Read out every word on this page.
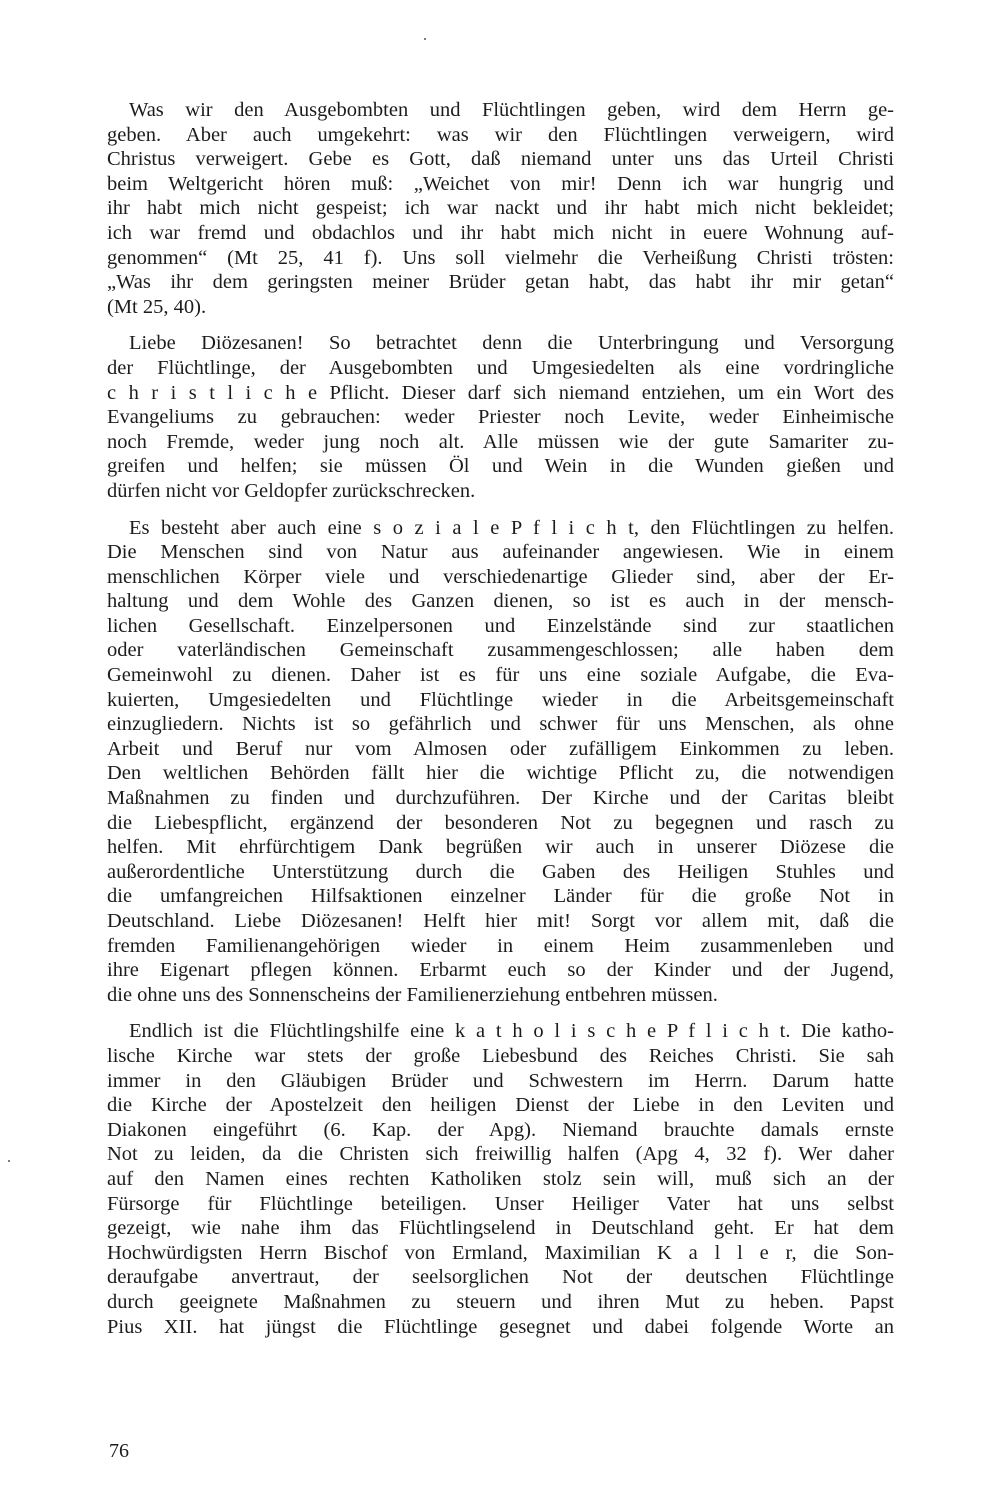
Was wir den Ausgebombten und Flüchtlingen geben, wird dem Herrn ge-
geben. Aber auch umgekehrt: was wir den Flüchtlingen verweigern, wird
Christus verweigert. Gebe es Gott, daß niemand unter uns das Urteil Christi
beim Weltgericht hören muß: „Weichet von mir! Denn ich war hungrig und
ihr habt mich nicht gespeist; ich war nackt und ihr habt mich nicht bekleidet;
ich war fremd und obdachlos und ihr habt mich nicht in euere Wohnung auf-
genommen“ (Mt 25, 41 f). Uns soll vielmehr die Verheißung Christi trösten:
„Was ihr dem geringsten meiner Brüder getan habt, das habt ihr mir getan“
(Mt 25, 40).

Liebe Diözesanen! So betrachtet denn die Unterbringung und Versorgung
der Flüchtlinge, der Ausgebombten und Umgesiedelten als eine vordringliche
c h r i s t l i c h e Pflicht. Dieser darf sich niemand entziehen, um ein Wort des
Evangeliums zu gebrauchen: weder Priester noch Levite, weder Einheimische
noch Fremde, weder jung noch alt. Alle müssen wie der gute Samariter zu-
greifen und helfen; sie müssen Öl und Wein in die Wunden gießen und
dürfen nicht vor Geldopfer zurückschrecken.

Es besteht aber auch eine s o z i a l e P f l i c h t, den Flüchtlingen zu helfen.
Die Menschen sind von Natur aus aufeinander angewiesen. Wie in einem
menschlichen Körper viele und verschiedenartige Glieder sind, aber der Er-
haltung und dem Wohle des Ganzen dienen, so ist es auch in der mensch-
lichen Gesellschaft. Einzelpersonen und Einzelstände sind zur staatlichen
oder vaterländischen Gemeinschaft zusammengeschlossen; alle haben dem
Gemeinwohl zu dienen. Daher ist es für uns eine soziale Aufgabe, die Eva-
kuierten, Umgesiedelten und Flüchtlinge wieder in die Arbeitsgemeinschaft
einzugliedern. Nichts ist so gefährlich und schwer für uns Menschen, als ohne
Arbeit und Beruf nur vom Almosen oder zufälligem Einkommen zu leben.
Den weltlichen Behörden fällt hier die wichtige Pflicht zu, die notwendigen
Maßnahmen zu finden und durchzuführen. Der Kirche und der Caritas bleibt
die Liebespflicht, ergänzend der besonderen Not zu begegnen und rasch zu
helfen. Mit ehrfürchtigem Dank begrüßen wir auch in unserer Diözese die
außerordentliche Unterstützung durch die Gaben des Heiligen Stuhles und
die umfangreichen Hilfsaktionen einzelner Länder für die große Not in
Deutschland. Liebe Diözesanen! Helft hier mit! Sorgt vor allem mit, daß die
fremden Familienangehörigen wieder in einem Heim zusammenleben und
ihre Eigenart pflegen können. Erbarmt euch so der Kinder und der Jugend,
die ohne uns des Sonnenscheins der Familienerziehung entbehren müssen.

Endlich ist die Flüchtlingshilfe eine k a t h o l i s c h e P f l i c h t. Die katho-
lische Kirche war stets der große Liebesbund des Reiches Christi. Sie sah
immer in den Gläubigen Brüder und Schwestern im Herrn. Darum hatte
die Kirche der Apostelzeit den heiligen Dienst der Liebe in den Leviten und
Diakonen eingeführt (6. Kap. der Apg). Niemand brauchte damals ernste
Not zu leiden, da die Christen sich freiwillig halfen (Apg 4, 32 f). Wer daher
auf den Namen eines rechten Katholiken stolz sein will, muß sich an der
Fürsorge für Flüchtlinge beteiligen. Unser Heiliger Vater hat uns selbst
gezeigt, wie nahe ihm das Flüchtlingselend in Deutschland geht. Er hat dem
Hochwürdigsten Herrn Bischof von Ermland, Maximilian K a l l e r, die Son-
deraufgabe anvertraut, der seelsorglichen Not der deutschen Flüchtlinge
durch geeignete Maßnahmen zu steuern und ihren Mut zu heben. Papst
Pius XII. hat jüngst die Flüchtlinge gesegnet und dabei folgende Worte an

76
